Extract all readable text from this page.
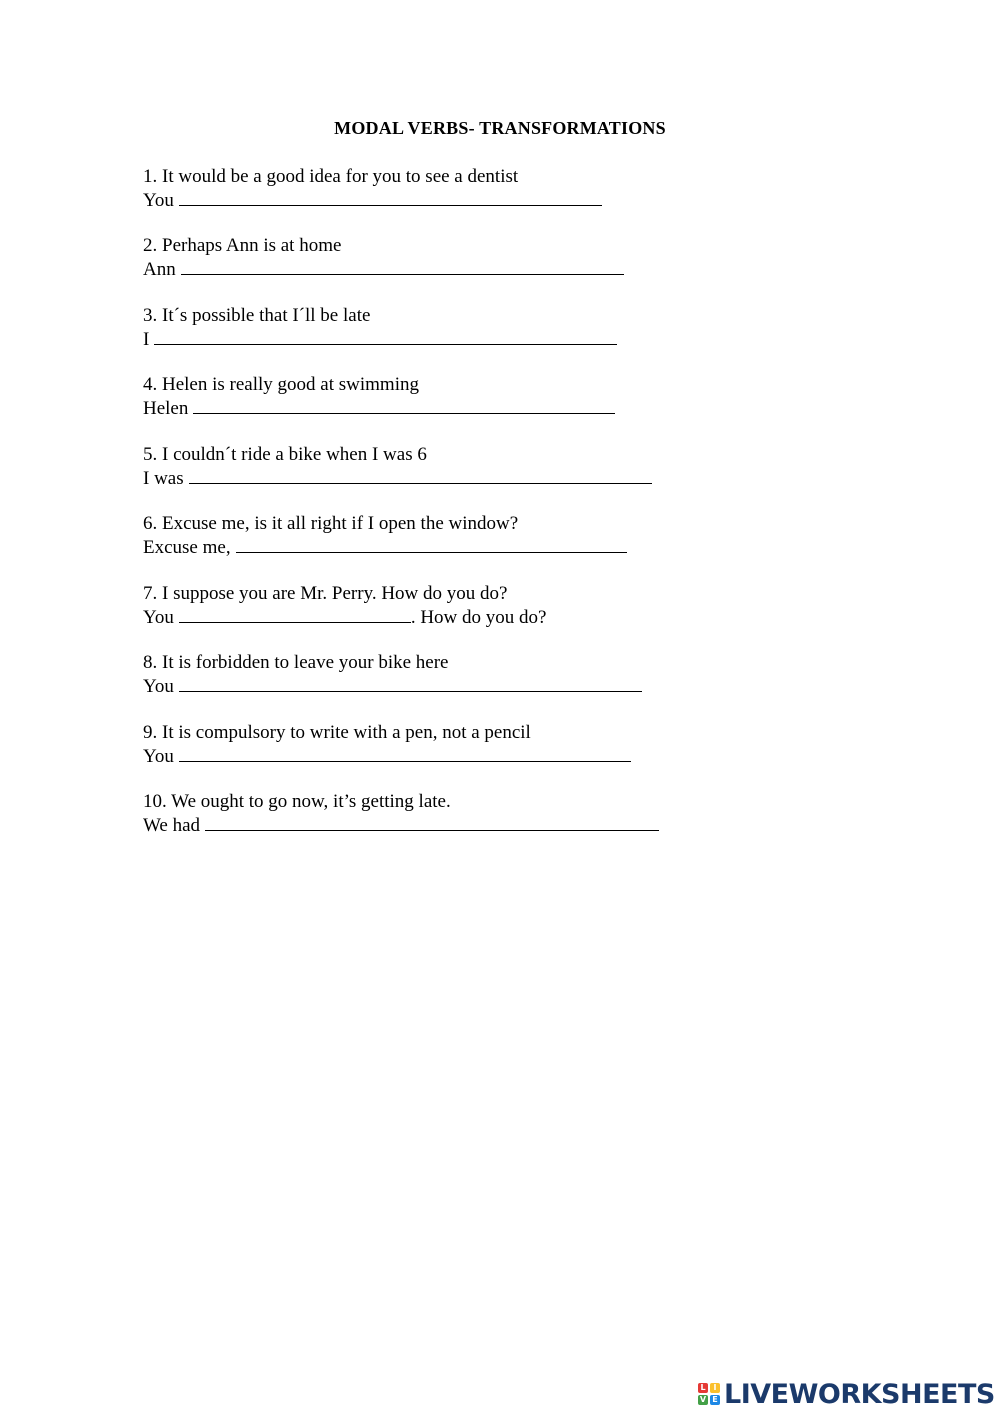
MODAL VERBS- TRANSFORMATIONS
1. It would be a good idea for you to see a dentist
You
2. Perhaps Ann is at home
Ann
3. It´s possible that I´ll be late
I
4. Helen is really good at swimming
Helen
5. I couldn´t ride a bike when I was 6
I was
6. Excuse me, is it all right if I open the window?
Excuse me,
7. I suppose you are Mr. Perry. How do you do?
You	. How do you do?
8. It is forbidden to leave your bike here
You
9. It is compulsory to write with a pen, not a pencil
You
10. We ought to go now, it’s getting late.
We had
L I
V E LIVEWORKSHEETS
